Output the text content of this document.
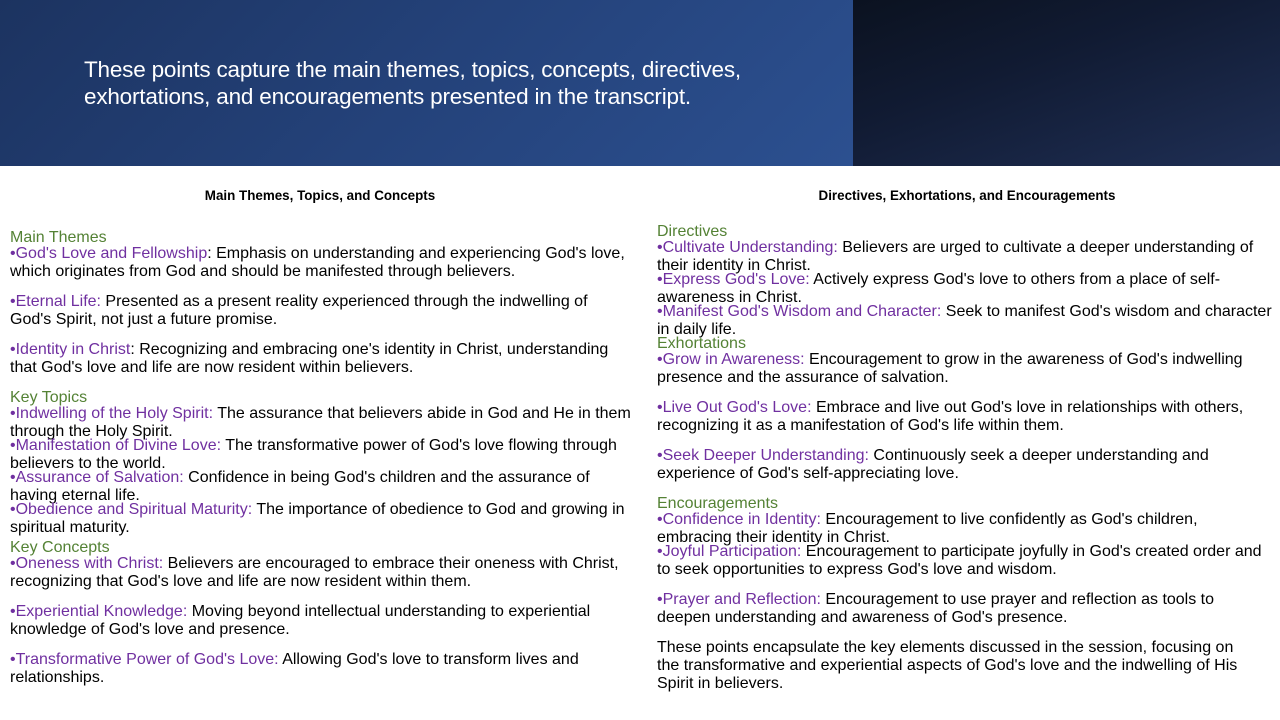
These points capture the main themes, topics, concepts, directives, exhortations, and encouragements presented in the transcript.
Main Themes, Topics, and Concepts	Directives, Exhortations, and Encouragements
Main Themes
•God's Love and Fellowship: Emphasis on understanding and experiencing God's love, which originates from God and should be manifested through believers.
•Eternal Life: Presented as a present reality experienced through the indwelling of God's Spirit, not just a future promise.
•Identity in Christ: Recognizing and embracing one's identity in Christ, understanding that God's love and life are now resident within believers.
Key Topics
•Indwelling of the Holy Spirit: The assurance that believers abide in God and He in them through the Holy Spirit.
•Manifestation of Divine Love: The transformative power of God's love flowing through believers to the world.
•Assurance of Salvation: Confidence in being God's children and the assurance of having eternal life.
•Obedience and Spiritual Maturity: The importance of obedience to God and growing in spiritual maturity.
Key Concepts
•Oneness with Christ: Believers are encouraged to embrace their oneness with Christ, recognizing that God's love and life are now resident within them.
•Experiential Knowledge: Moving beyond intellectual understanding to experiential knowledge of God's love and presence.
•Transformative Power of God's Love: Allowing God's love to transform lives and relationships.
Directives
•Cultivate Understanding: Believers are urged to cultivate a deeper understanding of their identity in Christ.
•Express God's Love: Actively express God's love to others from a place of self-awareness in Christ.
•Manifest God's Wisdom and Character: Seek to manifest God's wisdom and character in daily life.
Exhortations
•Grow in Awareness: Encouragement to grow in the awareness of God's indwelling presence and the assurance of salvation.
•Live Out God's Love: Embrace and live out God's love in relationships with others, recognizing it as a manifestation of God's life within them.
•Seek Deeper Understanding: Continuously seek a deeper understanding and experience of God's self-appreciating love.
Encouragements
•Confidence in Identity: Encouragement to live confidently as God's children, embracing their identity in Christ.
•Joyful Participation: Encouragement to participate joyfully in God's created order and to seek opportunities to express God's love and wisdom.
•Prayer and Reflection: Encouragement to use prayer and reflection as tools to deepen understanding and awareness of God's presence.
These points encapsulate the key elements discussed in the session, focusing on the transformative and experiential aspects of God's love and the indwelling of His Spirit in believers.
